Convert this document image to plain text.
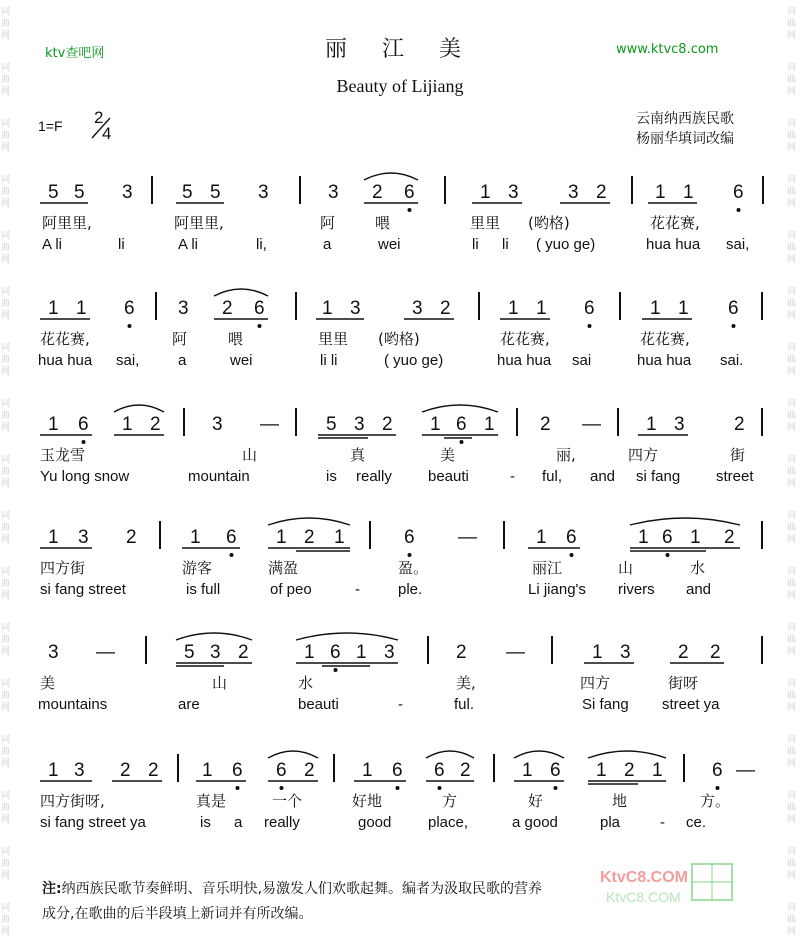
词
曲
网
词
曲
网
词
曲
网
词
曲
网
词
曲
网
词
曲
网
词
曲
网
词
曲
网
词
曲
网
词
曲
网
词
曲
网
词
曲
网
词
曲
网
词
曲
网
词
曲
网
词
曲
网
词
曲
网
词
曲
网
词
曲
网
词
曲
网
词
曲
网
词
曲
网
词
曲
网
词
曲
网
词
曲
网
词
曲
网
词
曲
网
词
曲
网
词
曲
网
词
曲
网
词
曲
网
词
曲
网
词
曲
网
词
曲
网
ktv查吧网	www.ktvc8.com
丽 江 美
Beauty of Lijiang
1=F 2
4
云南纳西族民歌
杨丽华填词改编
5 5 3	5 5 3	3 2 6	1 3	3 2	1 1 6
阿里里,	阿里里,	阿	喂	里里 (哟格)	花花赛,
A li	li	A li	li,	a	wei	li li ( yuo ge)	hua hua sai,
1 1 6 3 2 6	1 3	3 2	1 1 6	1 1 6
花花赛,	阿	喂	里里 (哟格)	花花赛,	花花赛,
hua hua sai,	a	wei	li li	( yuo ge)	hua hua sai	hua hua sai.
1 6 1 2	3 — 5 3 2 1 6 1 2 — 1 3	2
玉龙雪	山	真	美	丽,	四方	街
Yu long snow	mountain	is really beauti	- ful, and si fang street
1 3 2	1 6 1 2 1	6 —	1 6	1 6 1 2
四方街	游客	满盈	盈。	丽江	山	水
si fang street	is full	of peo	-	ple.	Li jiang's rivers and
3 —	5 3 2	1 6 1 3	2 —	1 3 2 2
美	山	水	美,	四方	街呀
mountains	are	beauti	-	ful.	Si fang street ya
1 3 2 2 1 6 6 2 1 6 6 2	1 6 1 2 1	6 —
四方街呀,	真是	一个	好地	方	好	地	方。
si fang street ya	is a really	good place,	a good	pla	- ce.
注:纳西族民歌节奏鲜明、音乐明快,易激发人们欢歌起舞。编者为汲取民歌的营养
成分,在歌曲的后半段填上新词并有所改编。
KtvC8.COM
KtvC8.COM
